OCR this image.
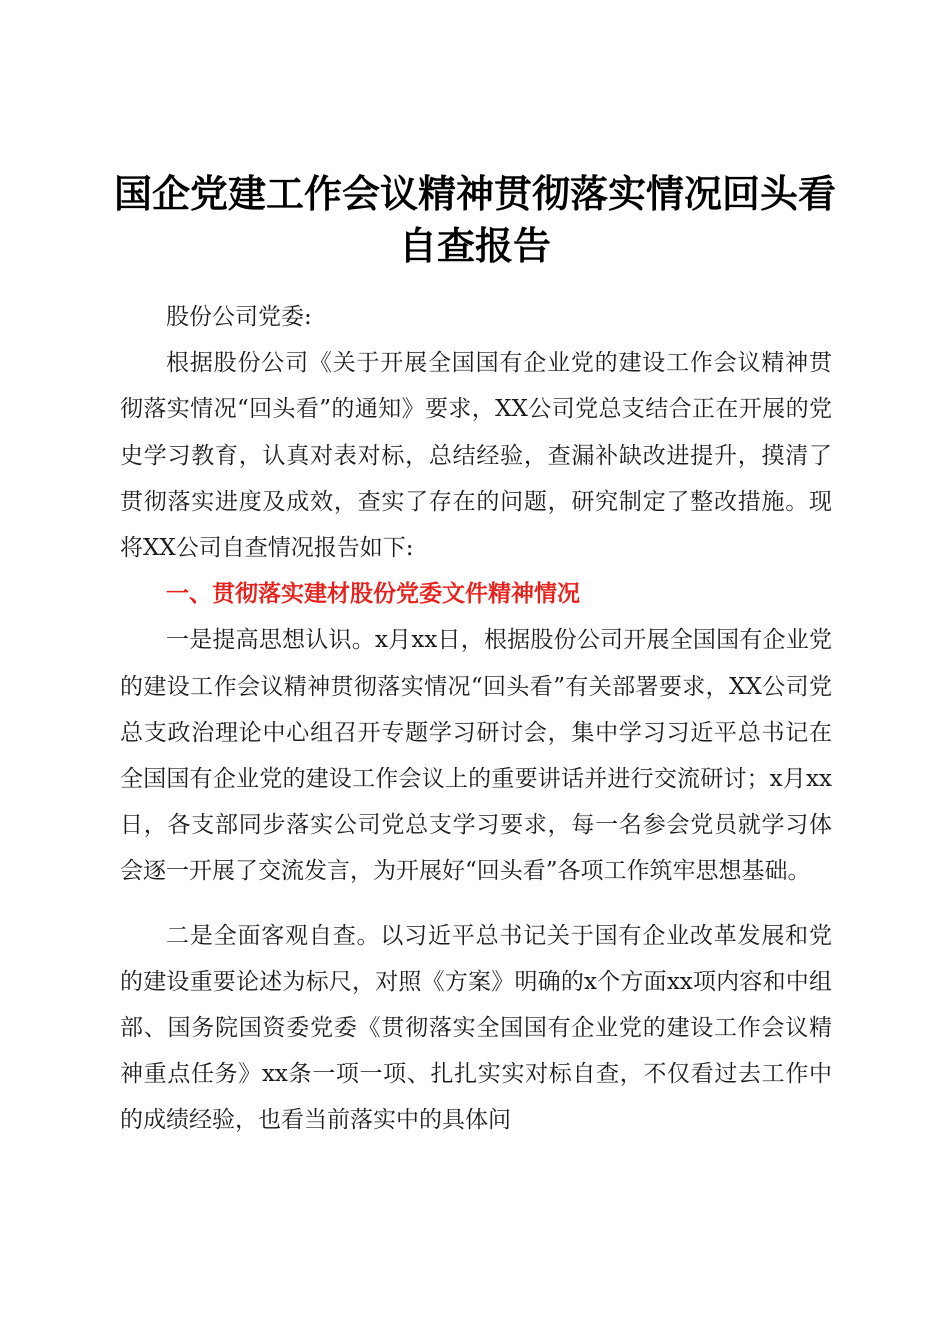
国企党建工作会议精神贯彻落实情况回头看自查报告

股份公司党委:

根据股份公司《关于开展全国国有企业党的建设工作会议精神贯彻落实情况“回头看”的通知》要求，XX公司党总支结合正在开展的党史学习教育，认真对表对标，总结经验，查漏补缺改进提升，摸清了贯彻落实进度及成效，查实了存在的问题，研究制定了整改措施。现将XX公司自查情况报告如下:

一、贯彻落实建材股份党委文件精神情况

一是提高思想认识。x月xx日，根据股份公司开展全国国有企业党的建设工作会议精神贯彻落实情况“回头看”有关部署要求，XX公司党总支政治理论中心组召开专题学习研讨会，集中学习习近平总书记在全国国有企业党的建设工作会议上的重要讲话并进行交流研讨；x月xx日，各支部同步落实公司党总支学习要求，每一名参会党员就学习体会逐一开展了交流发言，为开展好“回头看”各项工作筑牢思想基础。

二是全面客观自查。以习近平总书记关于国有企业改革发展和党的建设重要论述为标尺，对照《方案》明确的x个方面xx项内容和中组部、国务院国资委党委《贯彻落实全国国有企业党的建设工作会议精神重点任务》xx条一项一项、扎扎实实对标自查，不仅看过去工作中的成绩经验，也看当前落实中的具体问
